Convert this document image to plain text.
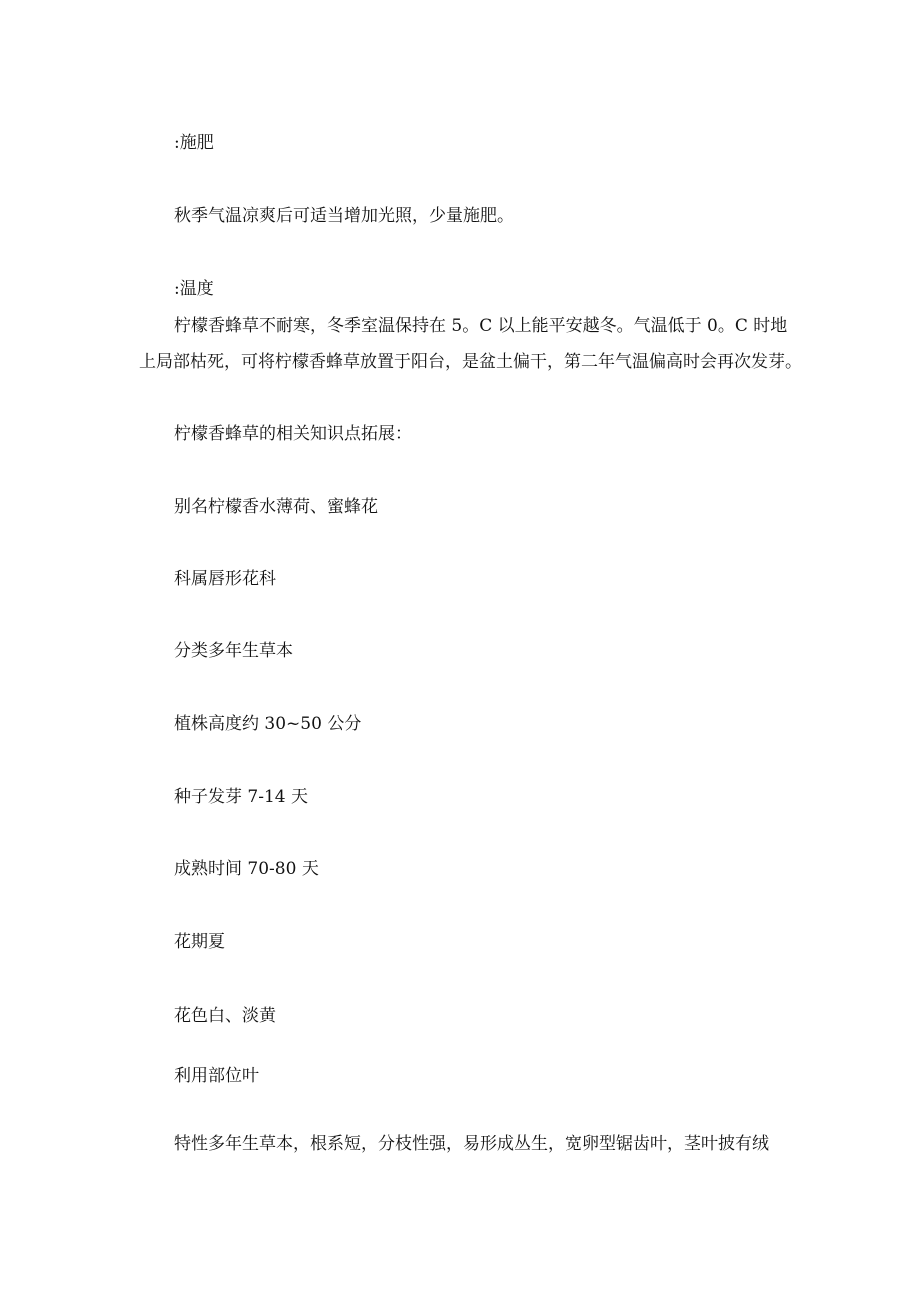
:施肥
秋季气温凉爽后可适当增加光照，少量施肥。
:温度
柠檬香蜂草不耐寒，冬季室温保持在 5。C 以上能平安越冬。气温低于 0。C 时地
上局部枯死，可将柠檬香蜂草放置于阳台，是盆土偏干，第二年气温偏高时会再次发芽。
柠檬香蜂草的相关知识点拓展：
别名柠檬香水薄荷、蜜蜂花
科属唇形花科
分类多年生草本
植株高度约 30~50 公分
种子发芽 7-14 天
成熟时间 70-80 天
花期夏
花色白、淡黄
利用部位叶
特性多年生草本，根系短，分枝性强，易形成丛生，宽卵型锯齿叶，茎叶披有绒
